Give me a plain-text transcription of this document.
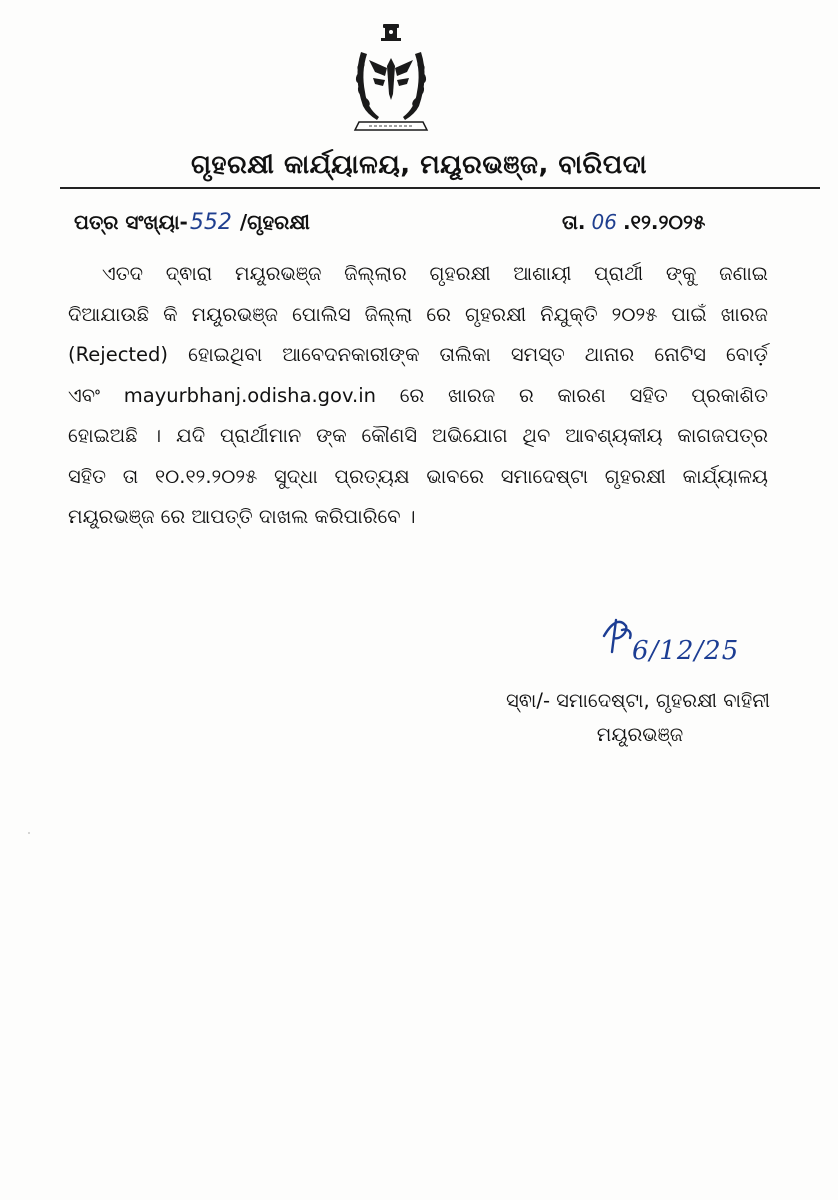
ଗୃହରକ୍ଷୀ କାର୍ଯ୍ୟାଳୟ, ମୟୂରଭଞ୍ଜ, ବାରିପଦା
ପତ୍ର ସଂଖ୍ୟା-552 /ଗୃହରକ୍ଷୀ	ତା. 06 .୧୨.୨୦୨୫
ଏତଦ ଦ୍ଵାରା ମୟୂରଭଞ୍ଜ ଜିଲ୍ଲାର ଗୃହରକ୍ଷୀ ଆଶାୟୀ ପ୍ରାର୍ଥୀ ଙ୍କୁ ଜଣାଇ
ଦିଆଯାଉଛି କି ମୟୂରଭଞ୍ଜ ପୋଲିସ ଜିଲ୍ଲା ରେ ଗୃହରକ୍ଷୀ ନିଯୁକ୍ତି ୨୦୨୫ ପାଇଁ ଖାରଜ
(Rejected) ହୋଇଥିବା ଆବେଦନକାରୀଙ୍କ ତାଲିକା ସମସ୍ତ ଥାନାର ନୋଟିସ ବୋର୍ଡ଼
ଏବଂ mayurbhanj.odisha.gov.in ରେ ଖାରଜ ର କାରଣ ସହିତ ପ୍ରକାଶିତ
ହୋଇଅଛି । ଯଦି ପ୍ରାର୍ଥୀମାନ ଙ୍କ କୌଣସି ଅଭିଯୋଗ ଥିବ ଆବଶ୍ୟକୀୟ କାଗଜପତ୍ର
ସହିତ ତା ୧୦.୧୨.୨୦୨୫ ସୁଦ୍ଧା ପ୍ରତ୍ୟକ୍ଷ ଭାବରେ ସମାଦେଷ୍ଟା ଗୃହରକ୍ଷୀ କାର୍ଯ୍ୟାଳୟ
ମୟୂରଭଞ୍ଜ ରେ ଆପତ୍ତି ଦାଖଲ କରିପାରିବେ ।
6/12/25
ସ୍ଵା/- ସମାଦେଷ୍ଟା, ଗୃହରକ୍ଷୀ ବାହିନୀ
ମୟୂରଭଞ୍ଜ
